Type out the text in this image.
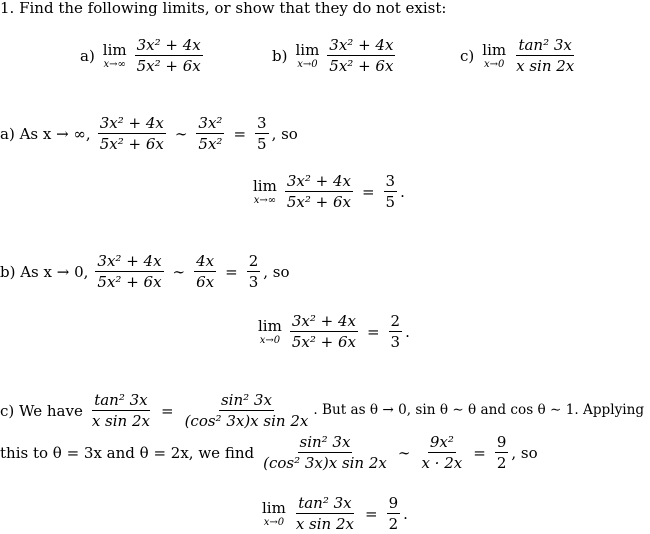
1. Find the following limits, or show that they do not exist:
a) lim
$x\to\infty \frac{\text{3x² + 4x}}{\text{5x² + 6x}}$	b) lim
$x\to 0 \frac{\text{3x² + 4x}}{\text{5x² + 6x}}$	c) lim
$x\to 0 \frac{\text{tan² 3x}}{\text{x sin 2x}}$
a) As x → ∞, $\frac{\text{3x² + 4x}}{\text{5x² + 6x}}$ ∼ $\frac{\text{3x²}}{\text{5x²}} = \frac{3}{5}$ , so
lim
$x\to\infty \frac{\text{3x² + 4x}}{\text{5x² + 6x}} = \frac{3}{5}$ .
b) As x → 0, $\frac{\text{3x² + 4x}}{\text{5x² + 6x}}$ ∼ $\frac{4x}{6x} = \frac{2}{3}$ , so
lim
$x\to 0 \frac{\text{3x² + 4x}}{\text{5x² + 6x}} = \frac{2}{3}$ .
c) We have $\frac{\text{tan² 3x}}{\text{x sin 2x}} = \frac{\text{sin² 3x}}{\text{(cos² 3x)x sin 2x}}$ . But as θ → 0, sin θ ∼ θ and cos θ ∼ 1. Applying
this to θ = 3x and θ = 2x, we find $\frac{\text{sin² 3x}}{\text{(cos² 3x)x sin 2x}}$ ∼ $\frac{\text{9x²}}{x \cdot 2x} = \frac{9}{2}$ , so
lim
$x\to 0 \frac{\text{tan² 3x}}{\text{x sin 2x}} = \frac{9}{2}$ .
